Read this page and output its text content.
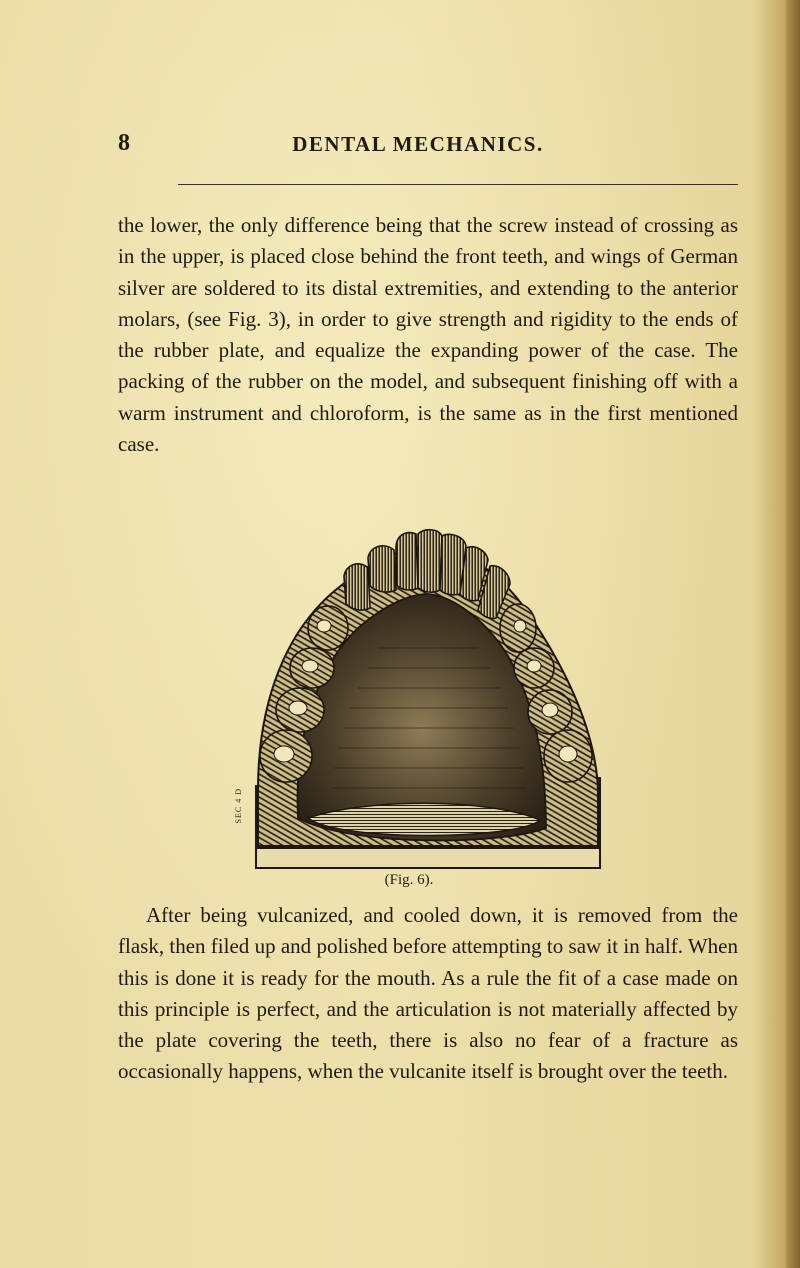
8	DENTAL MECHANICS.

the lower, the only difference being that the screw instead of crossing as in the upper, is placed close behind the front teeth, and wings of German silver are soldered to its distal extremities, and extending to the anterior molars, (see Fig. 3), in order to give strength and rigidity to the ends of the rubber plate, and equalize the expanding power of the case. The packing of the rubber on the model, and subsequent finishing off with a warm instrument and chloroform, is the same as in the first mentioned case.

SEC 4 D
(Fig. 6).

After being vulcanized, and cooled down, it is removed from the flask, then filed up and polished before attempting to saw it in half. When this is done it is ready for the mouth. As a rule the fit of a case made on this principle is perfect, and the articulation is not materially affected by the plate covering the teeth, there is also no fear of a fracture as occasionally happens, when the vulcanite itself is brought over the teeth.
